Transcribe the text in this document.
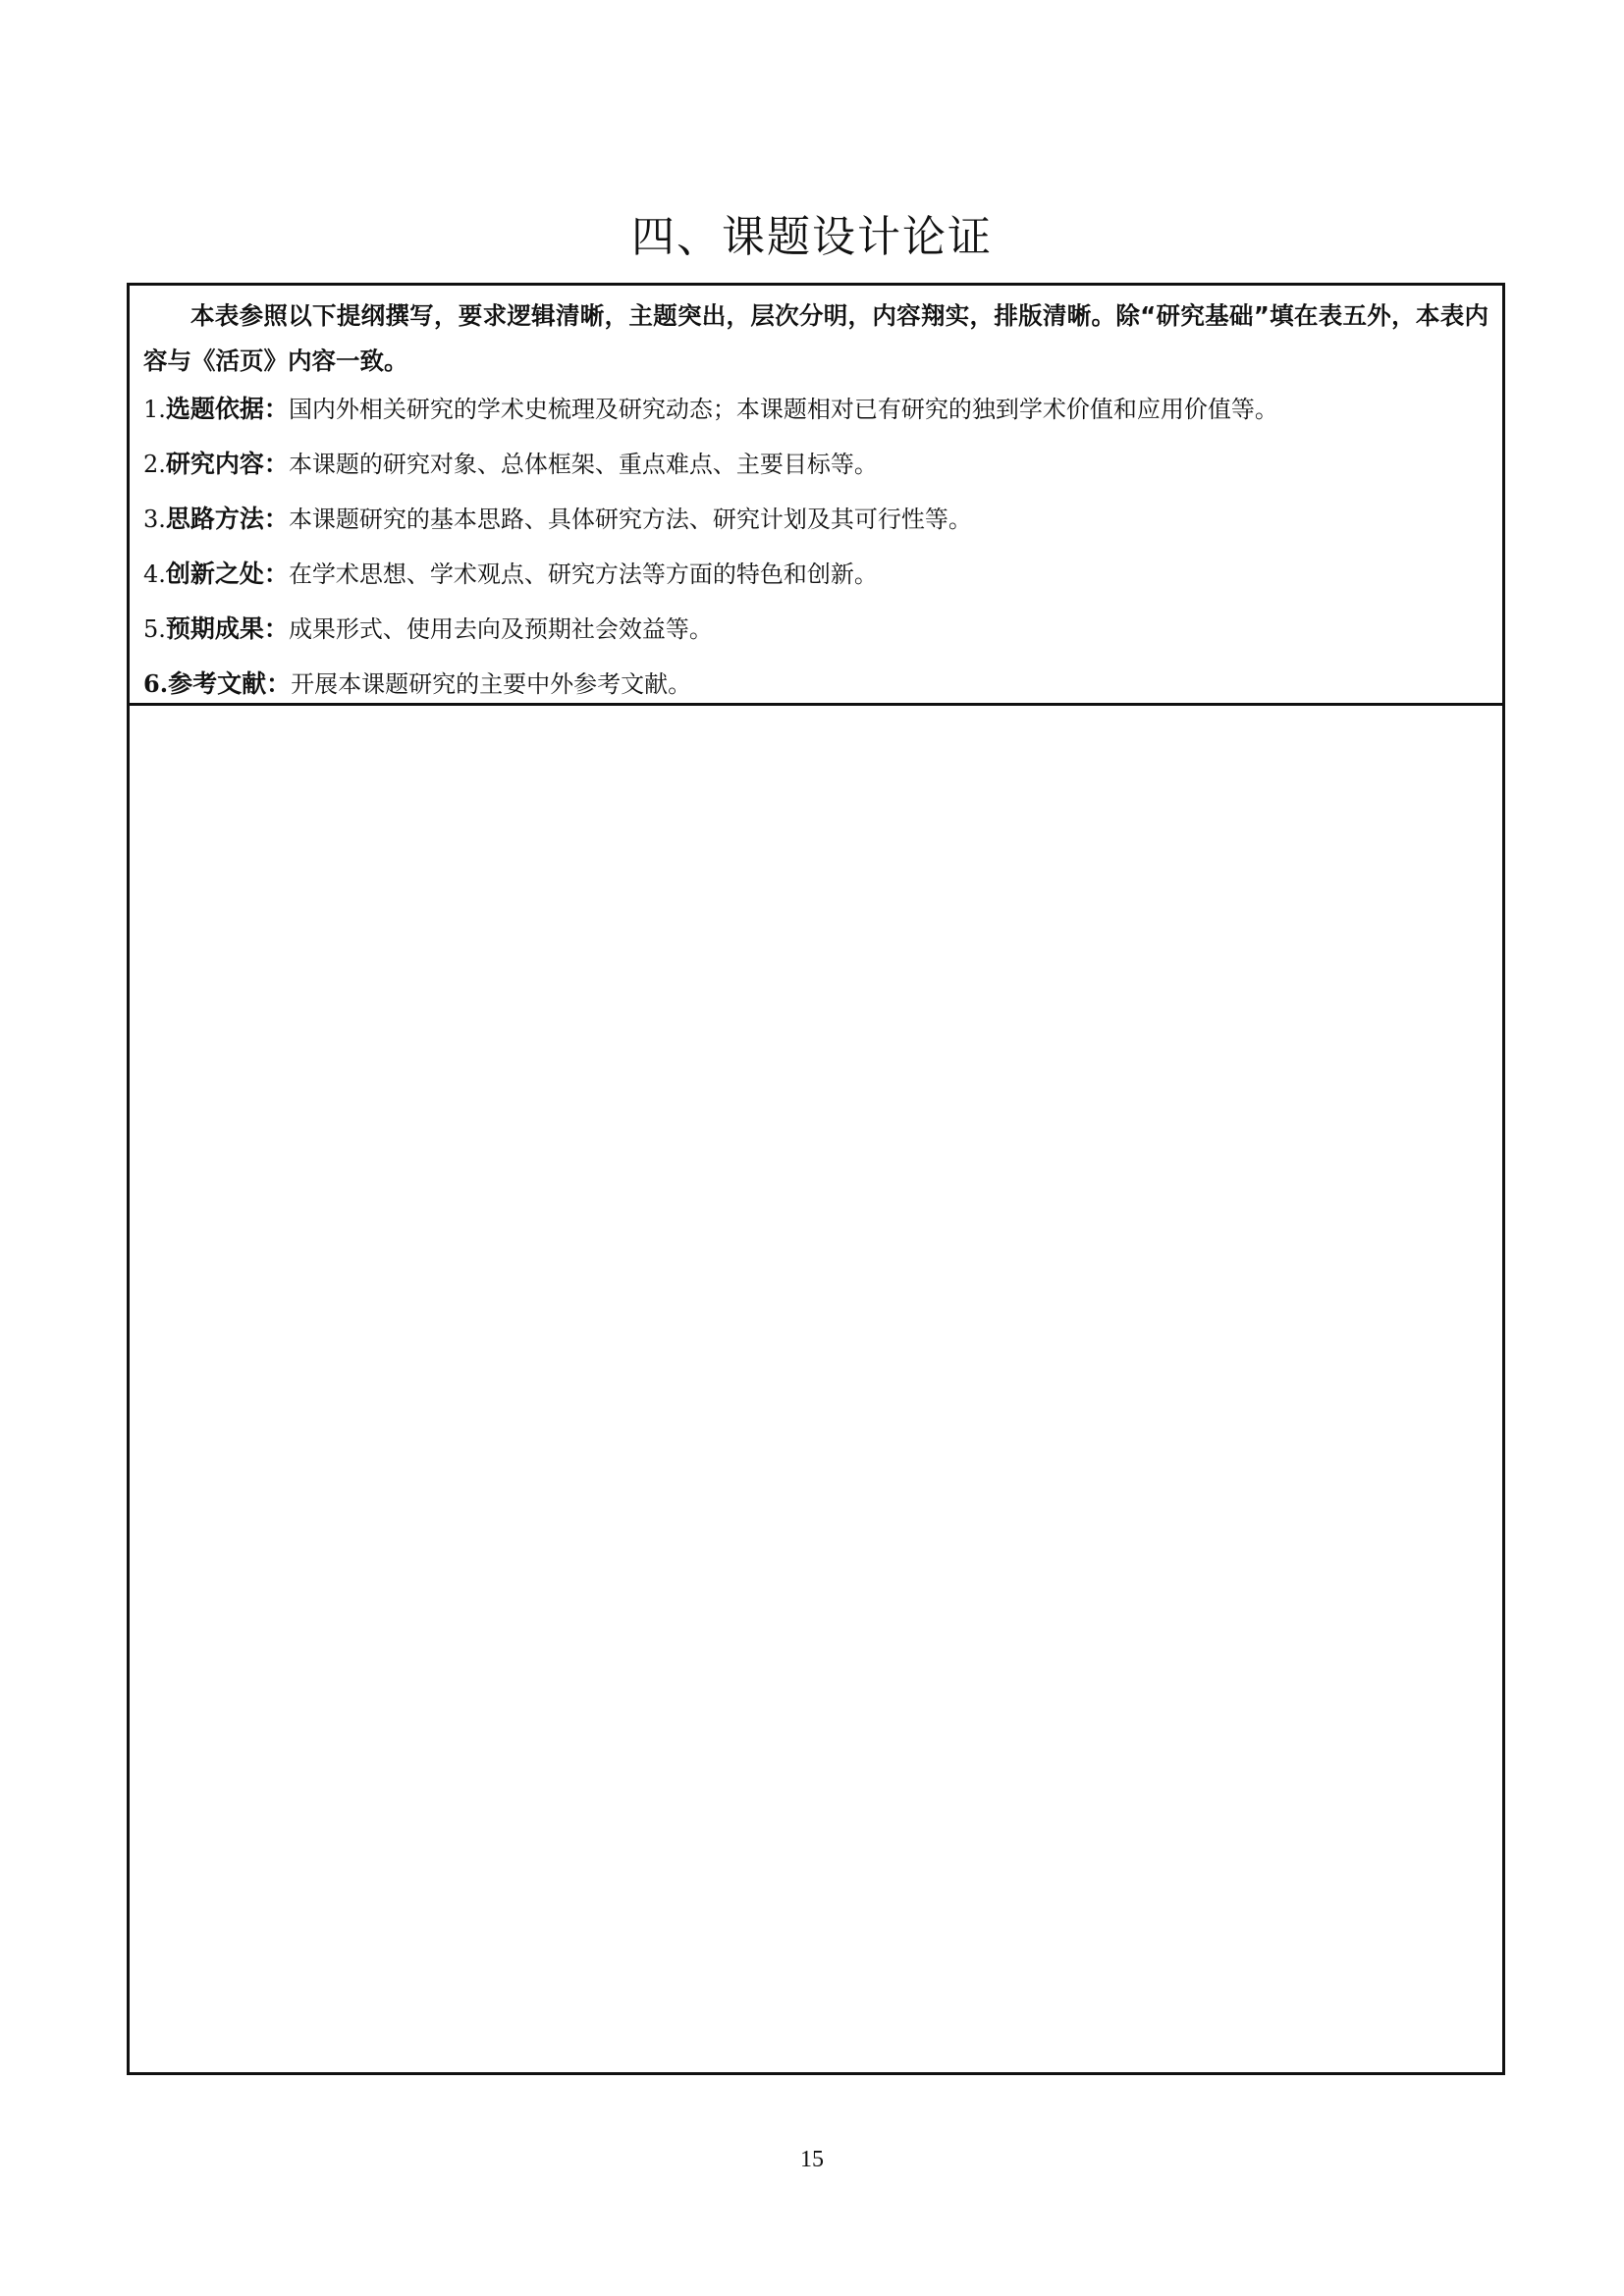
四、课题设计论证

本表参照以下提纲撰写，要求逻辑清晰，主题突出，层次分明，内容翔实，排版清晰。除“研究基础”填在表五外，本表内容与《活页》内容一致。

1.选题依据：国内外相关研究的学术史梳理及研究动态；本课题相对已有研究的独到学术价值和应用价值等。
2.研究内容：本课题的研究对象、总体框架、重点难点、主要目标等。
3.思路方法：本课题研究的基本思路、具体研究方法、研究计划及其可行性等。
4.创新之处：在学术思想、学术观点、研究方法等方面的特色和创新。
5.预期成果：成果形式、使用去向及预期社会效益等。
6.参考文献：开展本课题研究的主要中外参考文献。
15
